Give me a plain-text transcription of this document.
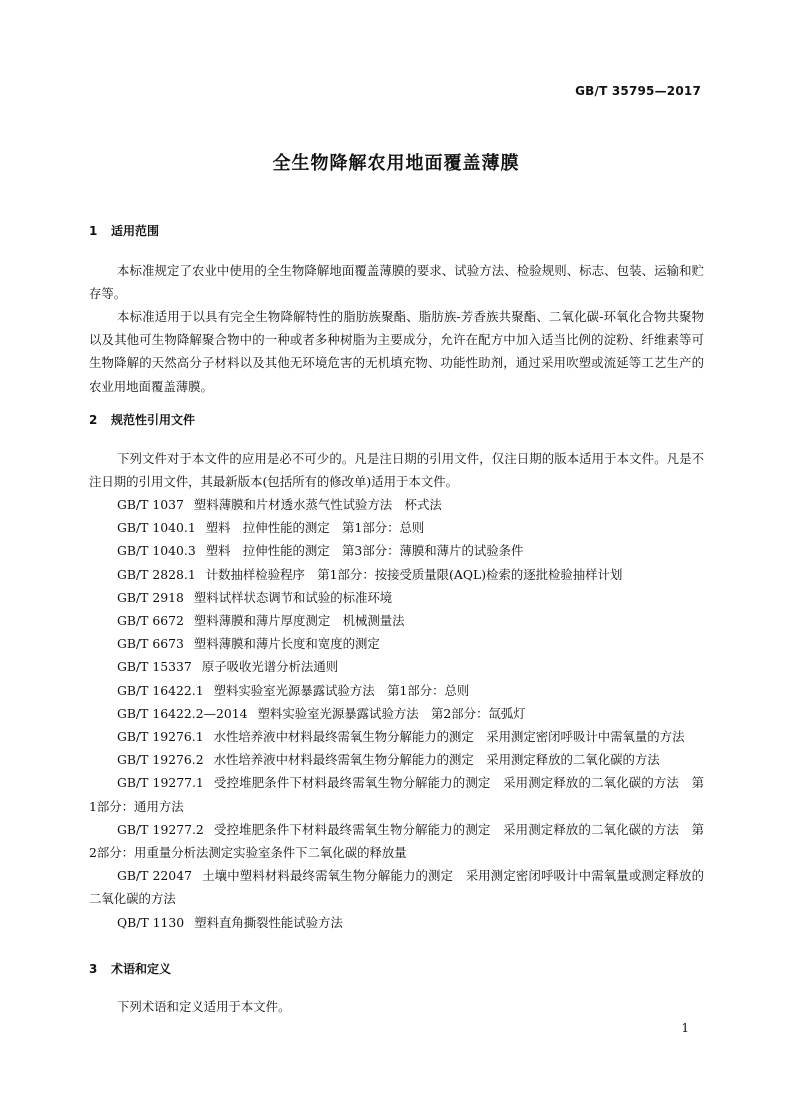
GB/T 35795—2017
全生物降解农用地面覆盖薄膜
1 适用范围

本标准规定了农业中使用的全生物降解地面覆盖薄膜的要求、试验方法、检验规则、标志、包装、运输和贮存等。

本标准适用于以具有完全生物降解特性的脂肪族聚酯、脂肪族-芳香族共聚酯、二氧化碳-环氧化合物共聚物以及其他可生物降解聚合物中的一种或者多种树脂为主要成分，允许在配方中加入适当比例的淀粉、纤维素等可生物降解的天然高分子材料以及其他无环境危害的无机填充物、功能性助剂，通过采用吹塑或流延等工艺生产的农业用地面覆盖薄膜。

2 规范性引用文件

下列文件对于本文件的应用是必不可少的。凡是注日期的引用文件，仅注日期的版本适用于本文件。凡是不注日期的引用文件，其最新版本(包括所有的修改单)适用于本文件。

GB/T 1037 塑料薄膜和片材透水蒸气性试验方法　杯式法

GB/T 1040.1 塑料　拉伸性能的测定　第1部分：总则

GB/T 1040.3 塑料　拉伸性能的测定　第3部分：薄膜和薄片的试验条件

GB/T 2828.1 计数抽样检验程序　第1部分：按接受质量限(AQL)检索的逐批检验抽样计划

GB/T 2918 塑料试样状态调节和试验的标准环境

GB/T 6672 塑料薄膜和薄片厚度测定　机械测量法

GB/T 6673 塑料薄膜和薄片长度和宽度的测定

GB/T 15337 原子吸收光谱分析法通则

GB/T 16422.1 塑料实验室光源暴露试验方法　第1部分：总则

GB/T 16422.2—2014 塑料实验室光源暴露试验方法　第2部分：氙弧灯

GB/T 19276.1 水性培养液中材料最终需氧生物分解能力的测定　采用测定密闭呼吸计中需氧量的方法

GB/T 19276.2 水性培养液中材料最终需氧生物分解能力的测定　采用测定释放的二氧化碳的方法

GB/T 19277.1 受控堆肥条件下材料最终需氧生物分解能力的测定　采用测定释放的二氧化碳的方法　第1部分：通用方法

GB/T 19277.2 受控堆肥条件下材料最终需氧生物分解能力的测定　采用测定释放的二氧化碳的方法　第2部分：用重量分析法测定实验室条件下二氧化碳的释放量

GB/T 22047 土壤中塑料材料最终需氧生物分解能力的测定　采用测定密闭呼吸计中需氧量或测定释放的二氧化碳的方法

QB/T 1130 塑料直角撕裂性能试验方法

3 术语和定义

下列术语和定义适用于本文件。

1
